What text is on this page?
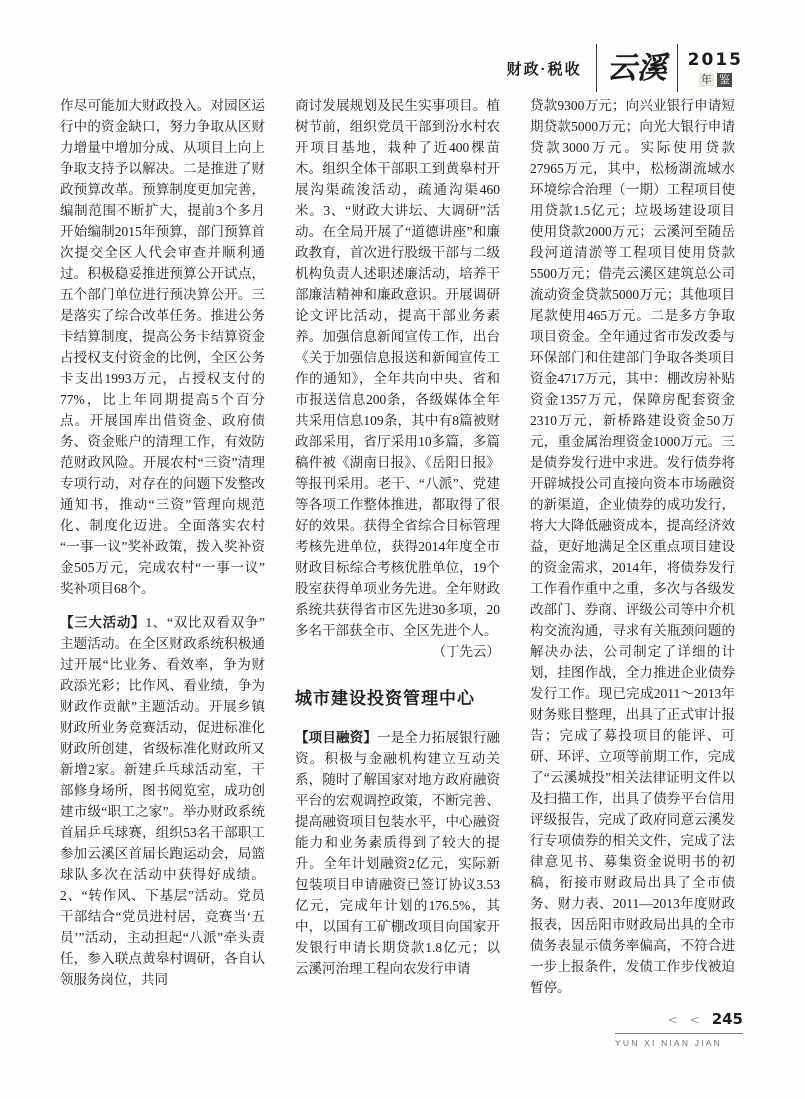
财政·税收 云溪	2015
年 鉴

作尽可能加大财政投入。对园区运行中的资金缺口，努力争取从区财力增量中增加分成、从项目上向上争取支持予以解决。二是推进了财政预算改革。预算制度更加完善，编制范围不断扩大，提前3个多月开始编制2015年预算，部门预算首次提交全区人代会审查并顺利通过。积极稳妥推进预算公开试点，五个部门单位进行预决算公开。三是落实了综合改革任务。推进公务卡结算制度，提高公务卡结算资金占授权支付资金的比例，全区公务卡支出1993万元，占授权支付的77%，比上年同期提高5个百分点。开展国库出借资金、政府债务、资金账户的清理工作，有效防范财政风险。开展农村“三资”清理专项行动，对存在的问题下发整改通知书，推动“三资”管理向规范化、制度化迈进。全面落实农村“一事一议”奖补政策，拨入奖补资金505万元，完成农村“一事一议”奖补项目68个。

【三大活动】1、“双比双看双争”主题活动。在全区财政系统积极通过开展“比业务、看效率，争为财政添光彩；比作风、看业绩，争为财政作贡献”主题活动。开展乡镇财政所业务竞赛活动，促进标准化财政所创建，省级标准化财政所又新增2家。新建乒乓球活动室，干部修身场所，图书阅览室，成功创建市级“职工之家”。举办财政系统首届乒乓球赛，组织53名干部职工参加云溪区首届长跑运动会，局篮球队多次在活动中获得好成绩。2、“转作风、下基层”活动。党员干部结合“党员进村居，竞赛当‘五员’”活动，主动担起“八派”牵头责任，参入联点黄皋村调研，各自认领服务岗位，共同

商讨发展规划及民生实事项目。植树节前，组织党员干部到汾水村农开项目基地，栽种了近400棵苗木。组织全体干部职工到黄皋村开展沟渠疏浚活动，疏通沟渠460米。3、“财政大讲坛、大调研”活动。在全局开展了“道德讲座”和廉政教育，首次进行股级干部与二级机构负责人述职述廉活动，培养干部廉洁精神和廉政意识。开展调研论文评比活动，提高干部业务素养。加强信息新闻宣传工作，出台《关于加强信息报送和新闻宣传工作的通知》，全年共向中央、省和市报送信息200条，各级媒体全年共采用信息109条，其中有8篇被财政部采用，省厅采用10多篇，多篇稿件被《湖南日报》、《岳阳日报》等报刊采用。老干、“八派”、党建等各项工作整体推进，都取得了很好的效果。获得全省综合目标管理考核先进单位，获得2014年度全市财政目标综合考核优胜单位，19个股室获得单项业务先进。全年财政系统共获得省市区先进30多项，20多名干部获全市、全区先进个人。

（丁先云）

城市建设投资管理中心

【项目融资】一是全力拓展银行融资。积极与金融机构建立互动关系，随时了解国家对地方政府融资平台的宏观调控政策，不断完善、提高融资项目包装水平，中心融资能力和业务素质得到了较大的提升。全年计划融资2亿元，实际新包装项目申请融资已签订协议3.53亿元，完成年计划的176.5%，其中，以国有工矿棚改项目向国家开发银行申请长期贷款1.8亿元；以云溪河治理工程向农发行申请

贷款9300万元；向兴业银行申请短期贷款5000万元；向光大银行申请贷款3000万元。实际使用贷款27965万元，其中，松杨湖流域水环境综合治理（一期）工程项目使用贷款1.5亿元；垃圾场建设项目使用贷款2000万元；云溪河至随岳段河道清淤等工程项目使用贷款5500万元；借壳云溪区建筑总公司流动资金贷款5000万元；其他项目尾款使用465万元。二是多方争取项目资金。全年通过省市发改委与环保部门和住建部门争取各类项目资金4717万元，其中：棚改房补贴资金1357万元，保障房配套资金2310万元，新桥路建设资金50万元，重金属治理资金1000万元。三是债券发行进中求进。发行债券将开辟城投公司直接向资本市场融资的新渠道，企业债券的成功发行，将大大降低融资成本，提高经济效益，更好地满足全区重点项目建设的资金需求，2014年，将债券发行工作看作重中之重，多次与各级发改部门、券商、评级公司等中介机构交流沟通，寻求有关瓶颈问题的解决办法，公司制定了详细的计划，挂图作战，全力推进企业债券发行工作。现已完成2011～2013年财务账目整理，出具了正式审计报告；完成了募投项目的能评、可研、环评、立项等前期工作，完成了“云溪城投”相关法律证明文件以及扫描工作，出具了债券平台信用评级报告，完成了政府同意云溪发行专项债券的相关文件，完成了法律意见书、募集资金说明书的初稿，衔接市财政局出具了全市债务、财力表、2011—2013年度财政报表，因岳阳市财政局出具的全市债务表显示债务率偏高，不符合进一步上报条件，发债工作步伐被迫暂停。

< < 245
YUN XI NIAN JIAN
